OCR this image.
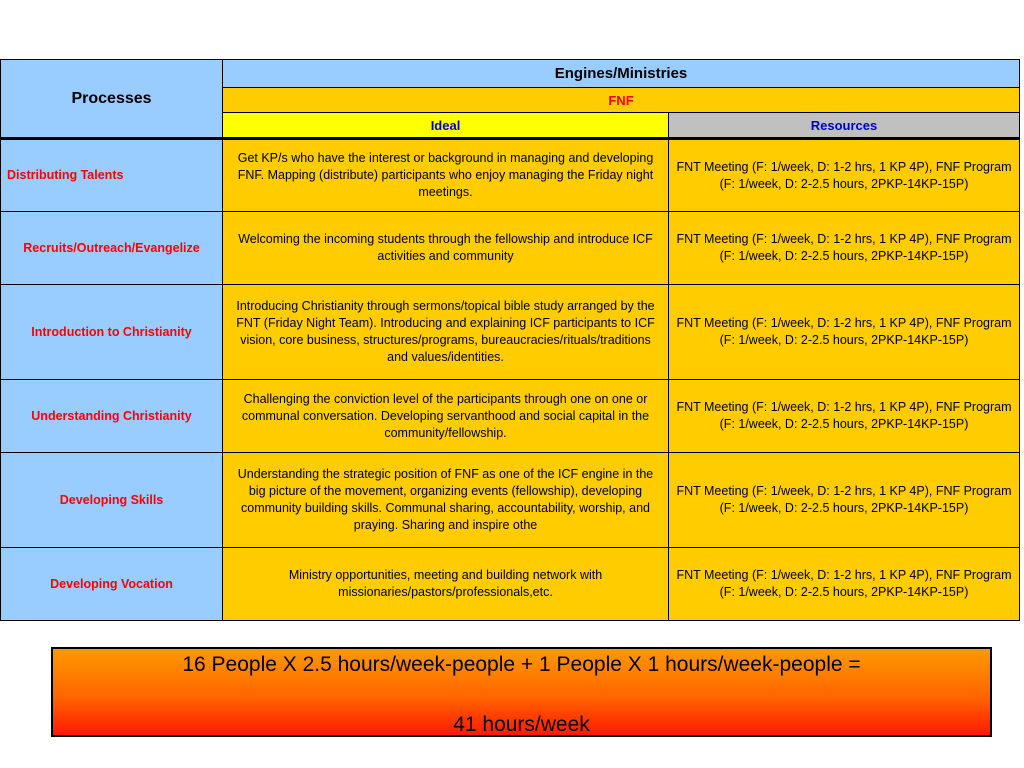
Processes	Engines/Ministries	
	FNF	
	Ideal	Resources
Distributing Talents	Get KP/s who have the interest or background in managing and developing FNF. Mapping (distribute) participants who enjoy managing the Friday night meetings.	FNT Meeting (F: 1/week, D: 1-2 hrs, 1 KP 4P), FNF Program (F: 1/week, D: 2-2.5 hours, 2PKP-14KP-15P)
Recruits/Outreach/Evangelize	Welcoming the incoming students through the fellowship and introduce ICF activities and community	FNT Meeting (F: 1/week, D: 1-2 hrs, 1 KP 4P), FNF Program (F: 1/week, D: 2-2.5 hours, 2PKP-14KP-15P)
Introduction to Christianity	Introducing Christianity through sermons/topical bible study arranged by the FNT (Friday Night Team). Introducing and explaining ICF participants to ICF vision, core business, structures/programs, bureaucracies/rituals/traditions and values/identities.	FNT Meeting (F: 1/week, D: 1-2 hrs, 1 KP 4P), FNF Program (F: 1/week, D: 2-2.5 hours, 2PKP-14KP-15P)
Understanding Christianity	Challenging the conviction level of the participants through one on one or communal conversation. Developing servanthood and social capital in the community/fellowship.	FNT Meeting (F: 1/week, D: 1-2 hrs, 1 KP 4P), FNF Program (F: 1/week, D: 2-2.5 hours, 2PKP-14KP-15P)
Developing Skills	Understanding the strategic position of FNF as one of the ICF engine in the big picture of the movement, organizing events (fellowship), developing community building skills. Communal sharing, accountability, worship, and praying. Sharing and inspire othe	FNT Meeting (F: 1/week, D: 1-2 hrs, 1 KP 4P), FNF Program (F: 1/week, D: 2-2.5 hours, 2PKP-14KP-15P)
Developing Vocation	Ministry opportunities, meeting and building network with missionaries/pastors/professionals,etc.	FNT Meeting (F: 1/week, D: 1-2 hrs, 1 KP 4P), FNF Program (F: 1/week, D: 2-2.5 hours, 2PKP-14KP-15P)
16 People X 2.5 hours/week-people + 1 People X 1 hours/week-people =
41 hours/week
